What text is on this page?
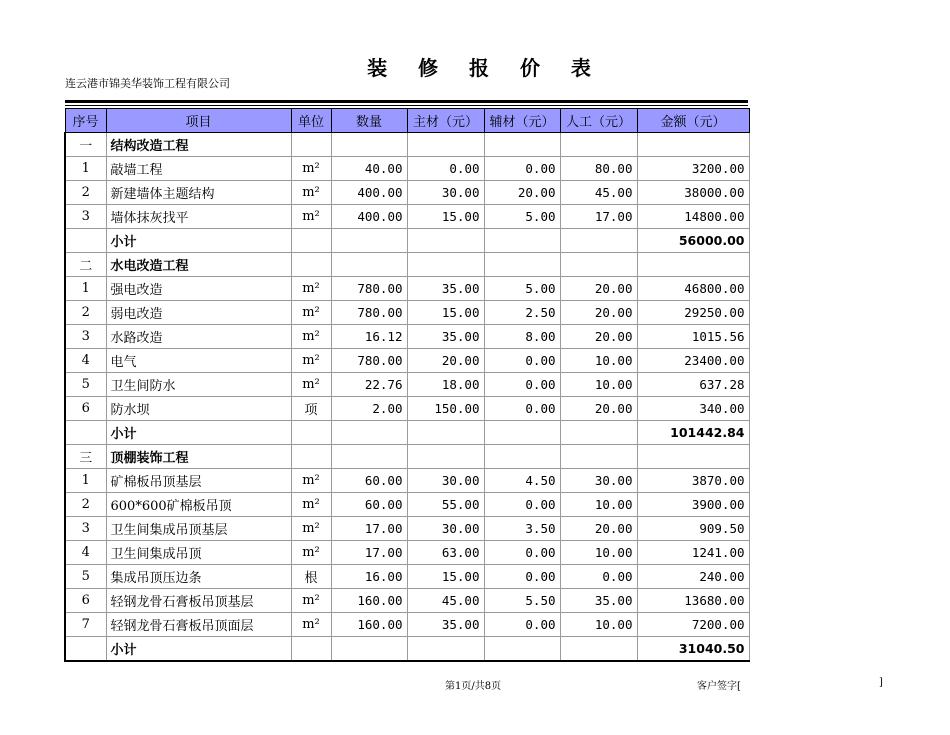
装 修 报 价 表
连云港市锦美华装饰工程有限公司
序号	项目	单位	数量	主材（元）	辅材（元）	人工（元）	金额（元）
一	结构改造工程						
1	敲墙工程	m²	40.00	0.00	0.00	80.00	3200.00
2	新建墙体主题结构	m²	400.00	30.00	20.00	45.00	38000.00
3	墙体抹灰找平	m²	400.00	15.00	5.00	17.00	14800.00
	小计						56000.00
二	水电改造工程						
1	强电改造	m²	780.00	35.00	5.00	20.00	46800.00
2	弱电改造	m²	780.00	15.00	2.50	20.00	29250.00
3	水路改造	m²	16.12	35.00	8.00	20.00	1015.56
4	电气	m²	780.00	20.00	0.00	10.00	23400.00
5	卫生间防水	m²	22.76	18.00	0.00	10.00	637.28
6	防水坝	项	2.00	150.00	0.00	20.00	340.00
	小计						101442.84
三	顶棚装饰工程						
1	矿棉板吊顶基层	m²	60.00	30.00	4.50	30.00	3870.00
2	600*600矿棉板吊顶	m²	60.00	55.00	0.00	10.00	3900.00
3	卫生间集成吊顶基层	m²	17.00	30.00	3.50	20.00	909.50
4	卫生间集成吊顶	m²	17.00	63.00	0.00	10.00	1241.00
5	集成吊顶压边条	根	16.00	15.00	0.00	0.00	240.00
6	轻钢龙骨石膏板吊顶基层	m²	160.00	45.00	5.50	35.00	13680.00
7	轻钢龙骨石膏板吊顶面层	m²	160.00	35.00	0.00	10.00	7200.00
	小计						31040.50
第1页/共8页	客户签字[	]
